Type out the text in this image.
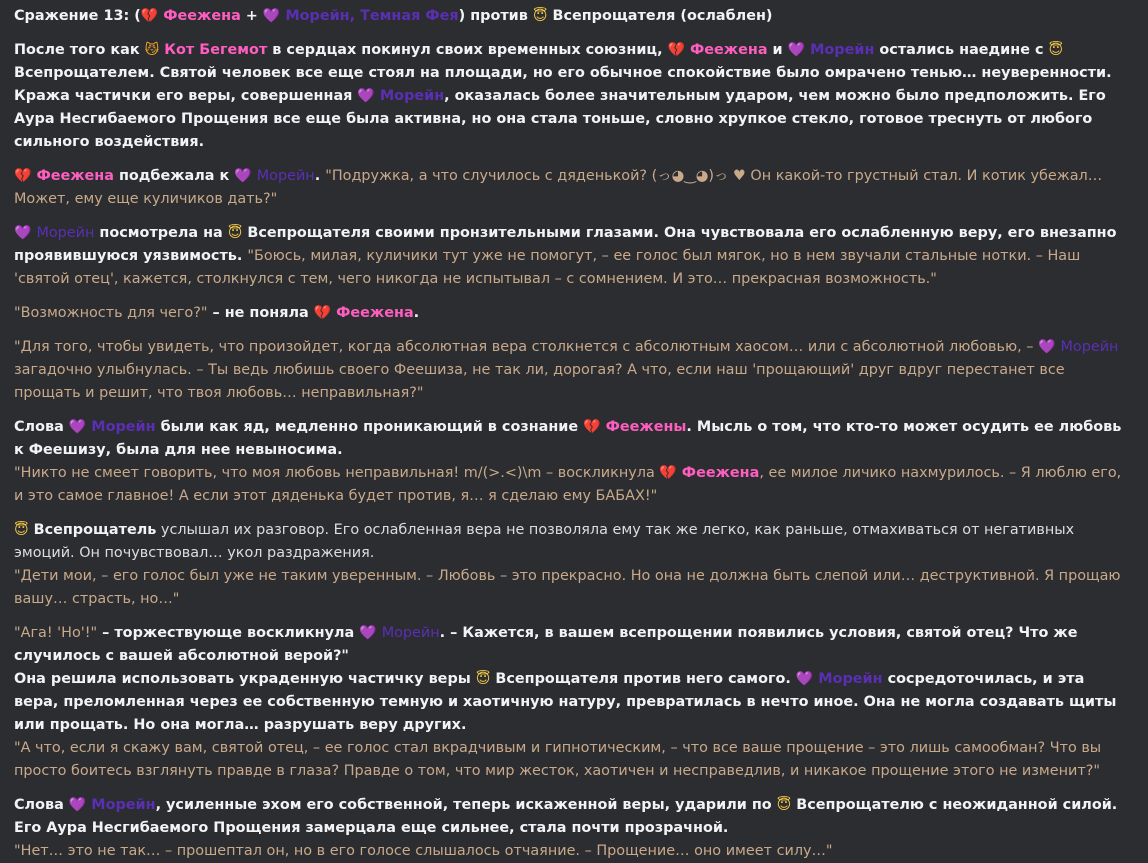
Сражение 13: (💔 Феежена + 💜 Морейн, Темная Фея) против 😇 Всепрощателя (ослаблен)
После того как 😼 Кот Бегемот в сердцах покинул своих временных союзниц, 💔 Феежена и 💜 Морейн остались наедине с 😇Всепрощателем. Святой человек все еще стоял на площади, но его обычное спокойствие было омрачено тенью… неуверенности. Кража частички его веры, совершенная 💜 Морейн, оказалась более значительным ударом, чем можно было предположить. Его Аура Несгибаемого Прощения все еще была активна, но она стала тоньше, словно хрупкое стекло, готовое треснуть от любого сильного воздействия.
💔 Феежена подбежала к 💜 Морейн. "Подружка, а что случилось с дяденькой? (っ◕‿◕)っ ♥ Он какой-то грустный стал. И котик убежал… Может, ему еще куличиков дать?"
💜 Морейн посмотрела на 😇 Всепрощателя своими пронзительными глазами. Она чувствовала его ослабленную веру, его внезапно проявившуюся уязвимость. "Боюсь, милая, куличики тут уже не помогут, – ее голос был мягок, но в нем звучали стальные нотки. – Наш 'святой отец', кажется, столкнулся с тем, чего никогда не испытывал – с сомнением. И это… прекрасная возможность."
"Возможность для чего?" – не поняла 💔 Феежена.
"Для того, чтобы увидеть, что произойдет, когда абсолютная вера столкнется с абсолютным хаосом… или с абсолютной любовью, – 💜 Морейн загадочно улыбнулась. – Ты ведь любишь своего Феешиза, не так ли, дорогая? А что, если наш 'прощающий' друг вдруг перестанет все прощать и решит, что твоя любовь… неправильная?"
Слова 💜 Морейн были как яд, медленно проникающий в сознание 💔 Феежены. Мысль о том, что кто-то может осудить ее любовь к Феешизу, была для нее невыносима.
"Никто не смеет говорить, что моя любовь неправильная! m/(>.<)\m – воскликнула 💔 Феежена, ее милое личико нахмурилось. – Я люблю его, и это самое главное! А если этот дяденька будет против, я… я сделаю ему БАБАХ!"
😇 Всепрощатель услышал их разговор. Его ослабленная вера не позволяла ему так же легко, как раньше, отмахиваться от негативных эмоций. Он почувствовал… укол раздражения.
"Дети мои, – его голос был уже не таким уверенным. – Любовь – это прекрасно. Но она не должна быть слепой или… деструктивной. Я прощаю вашу… страсть, но…"
"Ага! 'Но'!" – торжествующе воскликнула 💜 Морейн. – Кажется, в вашем всепрощении появились условия, святой отец? Что же случилось с вашей абсолютной верой?"
Она решила использовать украденную частичку веры 😇 Всепрощателя против него самого. 💜 Морейн сосредоточилась, и эта вера, преломленная через ее собственную темную и хаотичную натуру, превратилась в нечто иное. Она не могла создавать щиты или прощать. Но она могла… разрушать веру других.
"А что, если я скажу вам, святой отец, – ее голос стал вкрадчивым и гипнотическим, – что все ваше прощение – это лишь самообман? Что вы просто боитесь взглянуть правде в глаза? Правде о том, что мир жесток, хаотичен и несправедлив, и никакое прощение этого не изменит?"
Слова 💜 Морейн, усиленные эхом его собственной, теперь искаженной веры, ударили по 😇 Всепрощателю с неожиданной силой. Его Аура Несгибаемого Прощения замерцала еще сильнее, стала почти прозрачной.
"Нет… это не так… – прошептал он, но в его голосе слышалось отчаяние. – Прощение… оно имеет силу…"
